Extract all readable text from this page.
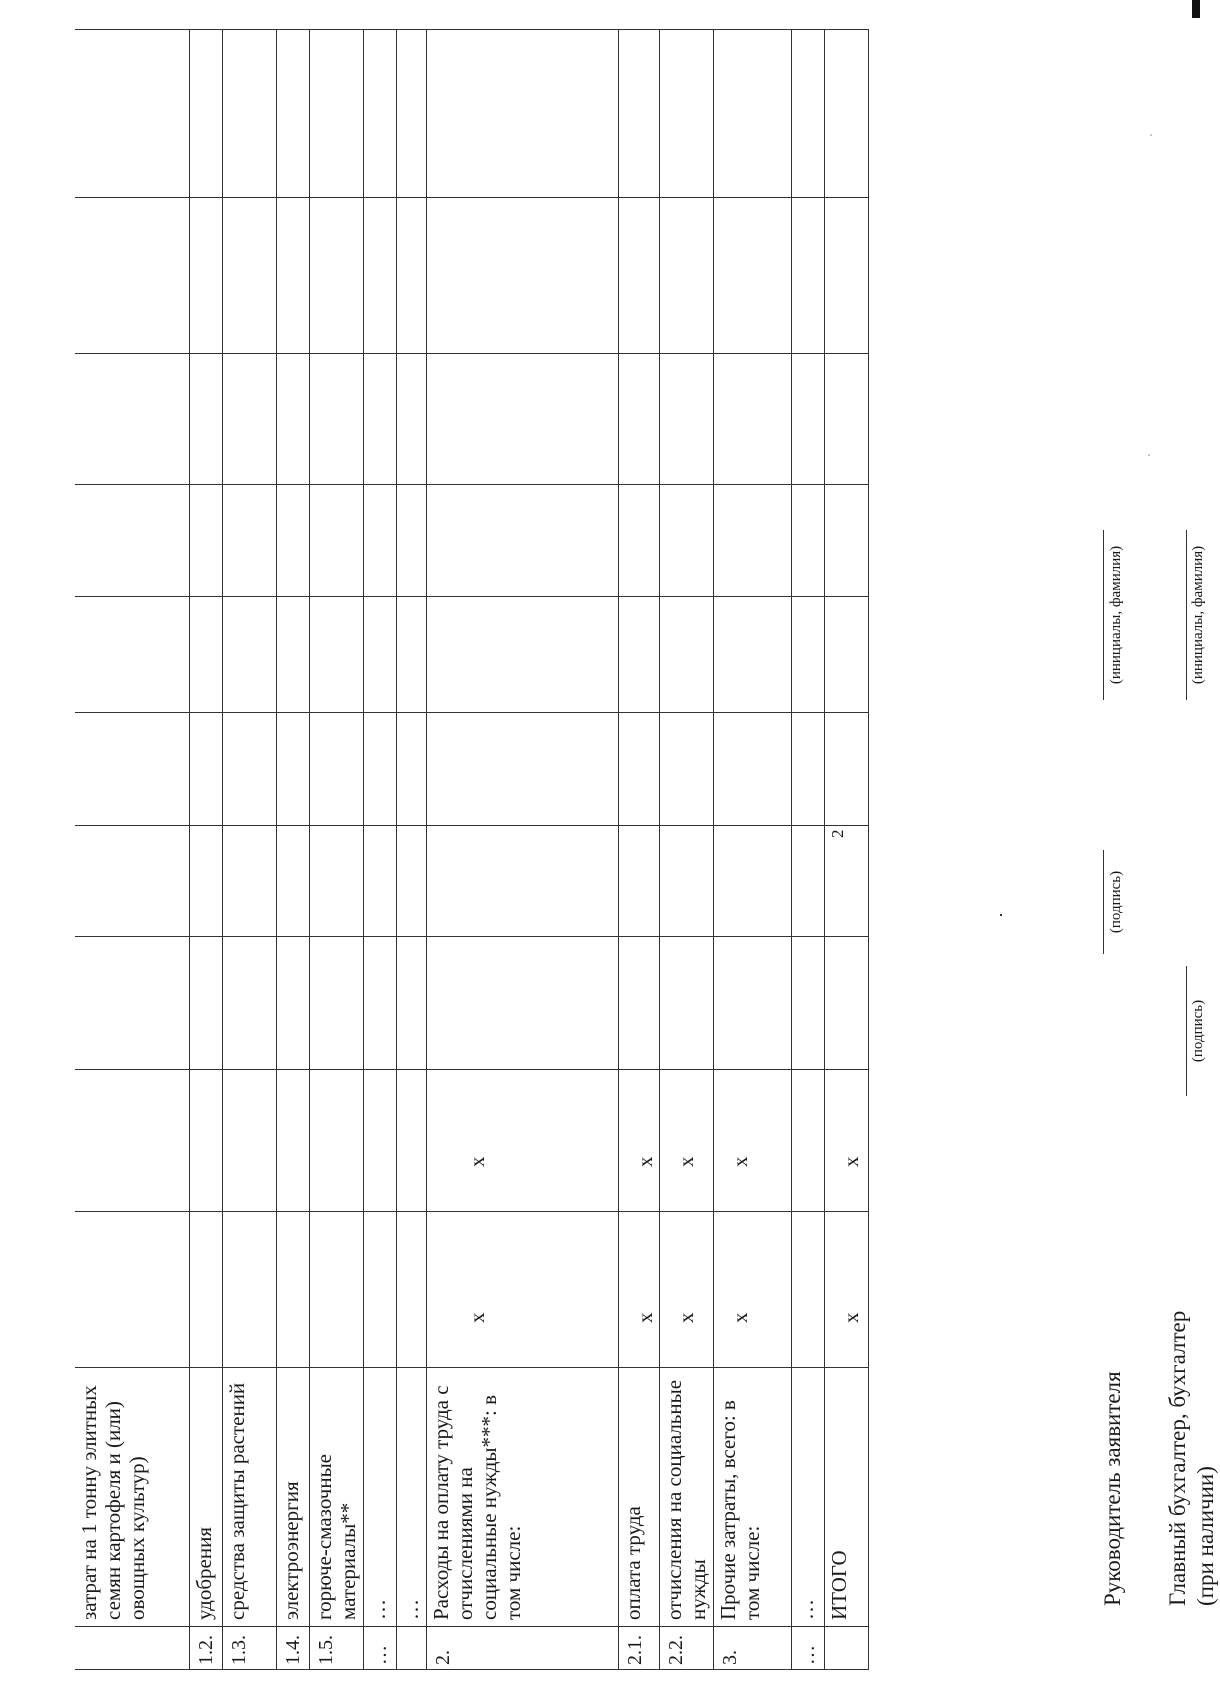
2
	затрат на 1 тонну элитных семян картофеля и (или) овощных культур)										
1.2.	удобрения										
1.3.	средства защиты растений										
1.4.	электроэнергия										
1.5.	горюче-смазочные материалы**										
…	…										
	…										
2.	Расходы на оплату труда с отчислениями на социальные нужды***: в том числе:	х	х								
2.1.	оплата труда	х	х								
2.2.	отчисления на социальные нужды	х	х								
3.	Прочие затраты, всего: в том числе:	х	х								
…	…										
	ИТОГО	х	х								
Руководитель заявителя
(подпись)
(инициалы, фамилия)
Главный бухгалтер, бухгалтер (при наличии)
(подпись)
(инициалы, фамилия)
